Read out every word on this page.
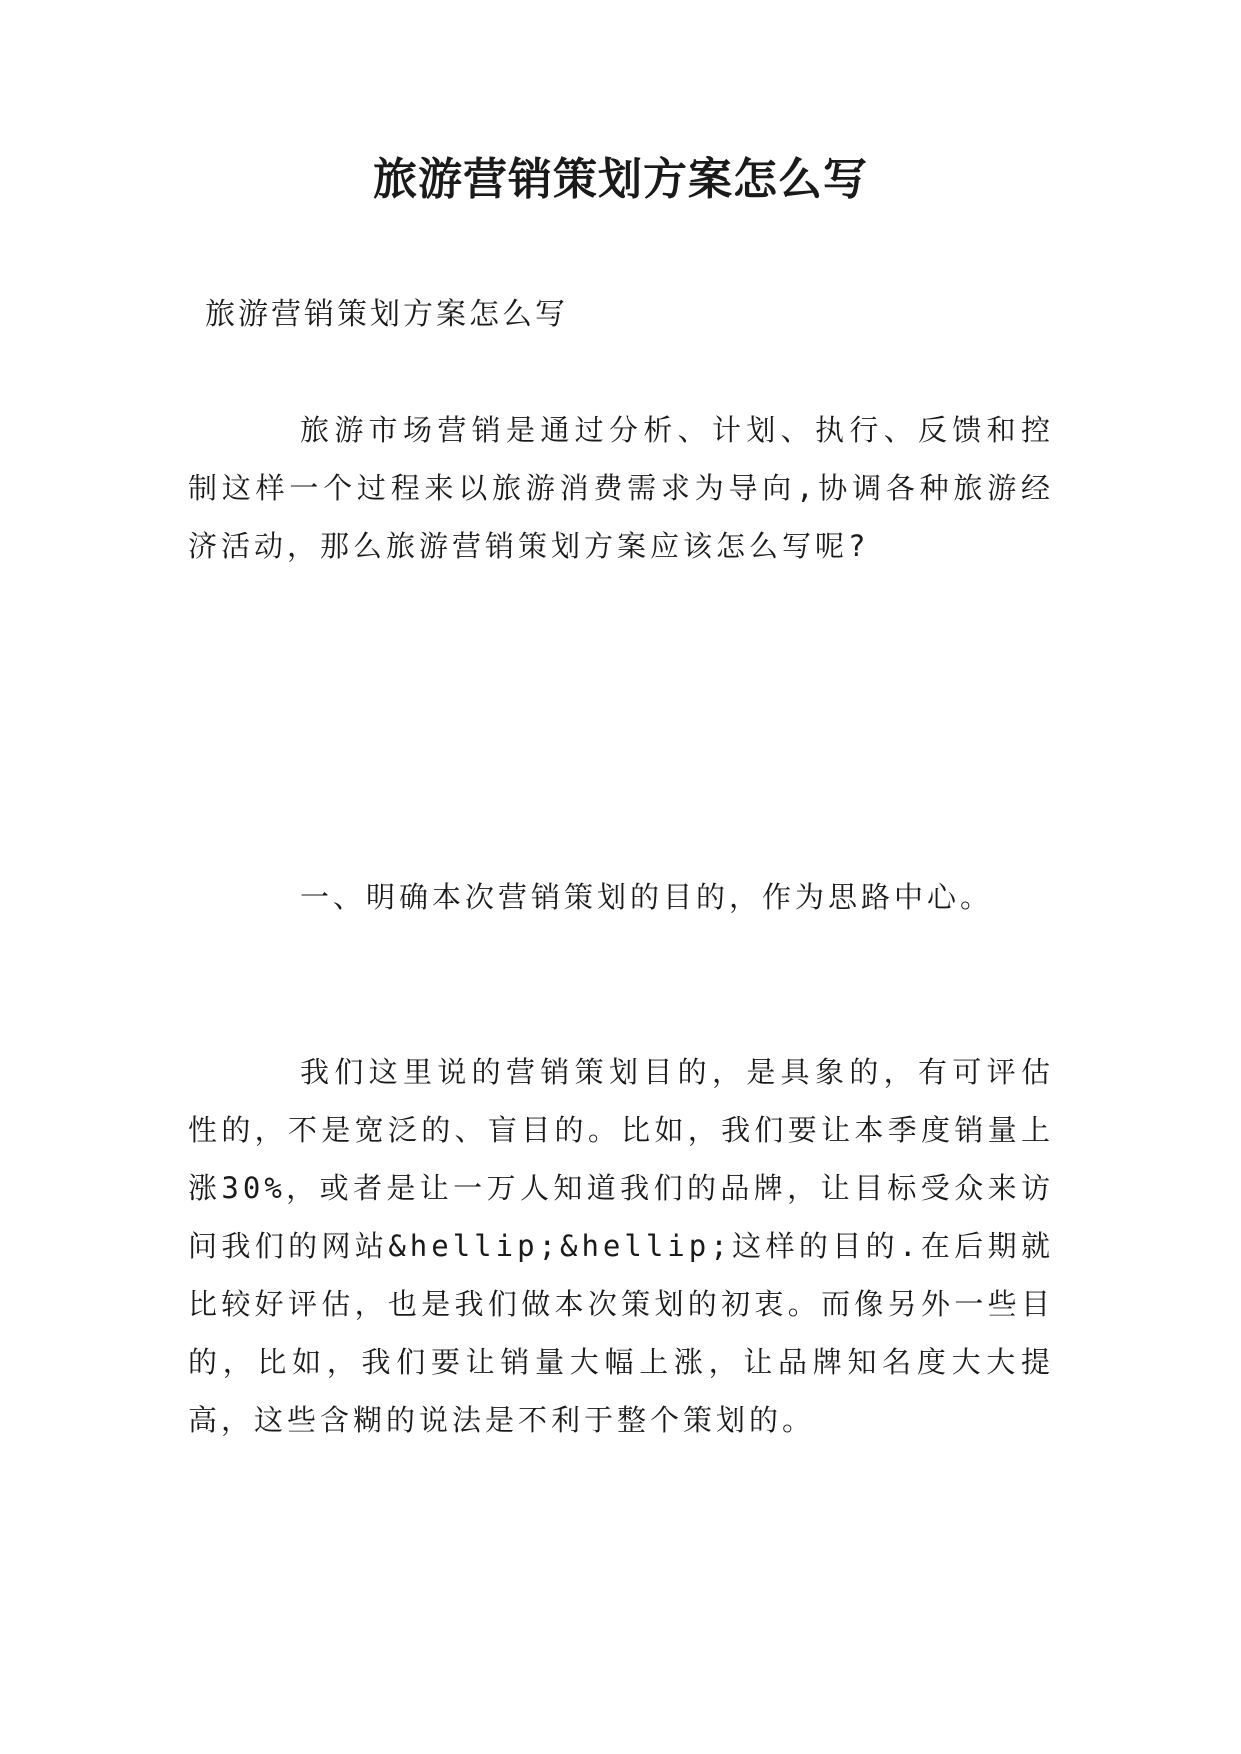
旅游营销策划方案怎么写

旅游营销策划方案怎么写

旅游市场营销是通过分析、计划、执行、反馈和控制这样一个过程来以旅游消费需求为导向,协调各种旅游经济活动，那么旅游营销策划方案应该怎么写呢?

一、明确本次营销策划的目的，作为思路中心。

我们这里说的营销策划目的，是具象的，有可评估性的，不是宽泛的、盲目的。比如，我们要让本季度销量上涨30%，或者是让一万人知道我们的品牌，让目标受众来访问我们的网站&hellip;&hellip;这样的目的.在后期就比较好评估，也是我们做本次策划的初衷。而像另外一些目的，比如，我们要让销量大幅上涨，让品牌知名度大大提高，这些含糊的说法是不利于整个策划的。
